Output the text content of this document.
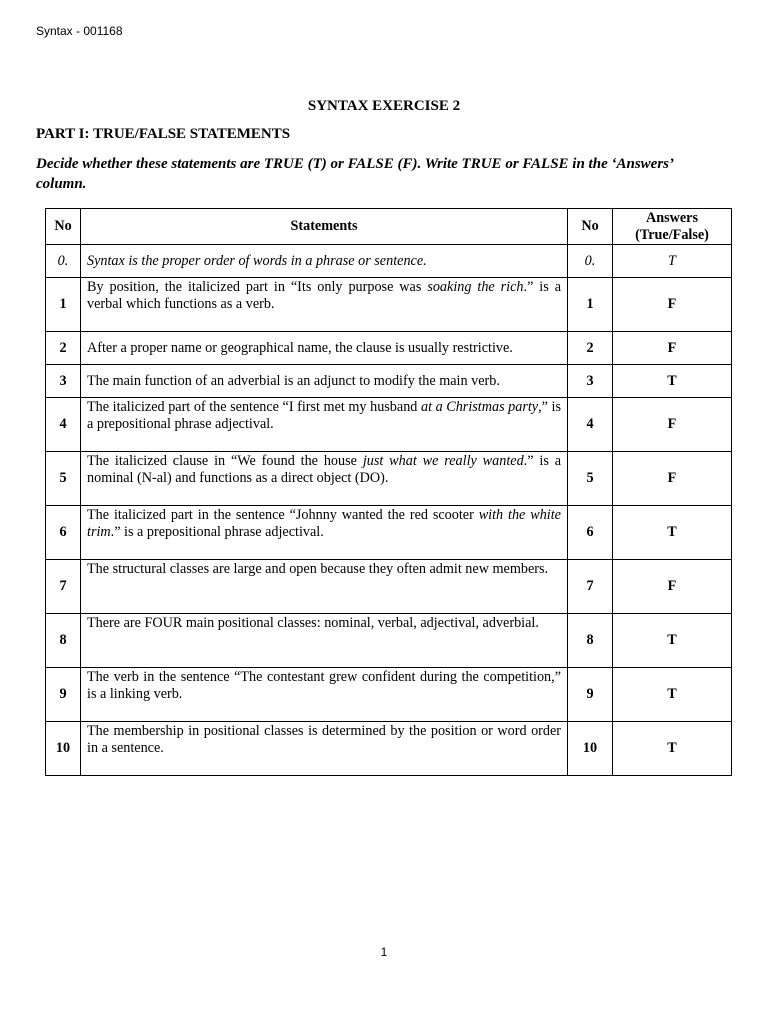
Syntax - 001168
SYNTAX EXERCISE 2
PART I: TRUE/FALSE STATEMENTS
Decide whether these statements are TRUE (T) or FALSE (F). Write TRUE or FALSE in the ‘Answers’ column.
No	Statements	No	Answers
(True/False)
0.	Syntax is the proper order of words in a phrase or sentence.	0.	T
1	By position, the italicized part in “Its only purpose was soaking the rich.” is a verbal which functions as a verb.	1	F
2	After a proper name or geographical name, the clause is usually restrictive.	2	F
3	The main function of an adverbial is an adjunct to modify the main verb.	3	T
4	The italicized part of the sentence “I first met my husband at a Christmas party,” is a prepositional phrase adjectival.	4	F
5	The italicized clause in “We found the house just what we really wanted.” is a nominal (N-al) and functions as a direct object (DO).	5	F
6	The italicized part in the sentence “Johnny wanted the red scooter with the white trim.” is a prepositional phrase adjectival.	6	T
7	The structural classes are large and open because they often admit new members.	7	F
8	There are FOUR main positional classes: nominal, verbal, adjectival, adverbial.	8	T
9	The verb in the sentence “The contestant grew confident during the competition,” is a linking verb.	9	T
10	The membership in positional classes is determined by the position or word order in a sentence.	10	T
1
